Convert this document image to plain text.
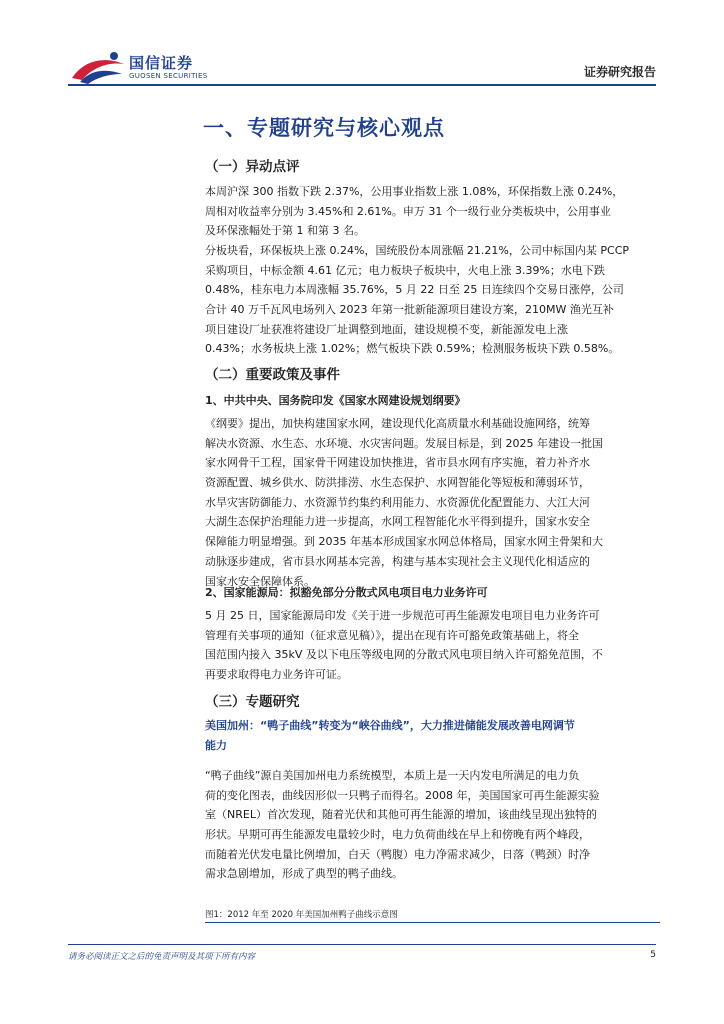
国信证券
GUOSEN SECURITIES	证券研究报告
一、专题研究与核心观点
（一）异动点评
本周沪深 300 指数下跌 2.37%，公用事业指数上涨 1.08%，环保指数上涨 0.24%，
周相对收益率分别为 3.45%和 2.61%。申万 31 个一级行业分类板块中，公用事业
及环保涨幅处于第 1 和第 3 名。
分板块看，环保板块上涨 0.24%，国统股份本周涨幅 21.21%，公司中标国内某 PCCP
采购项目，中标金额 4.61 亿元；电力板块子板块中，火电上涨 3.39%；水电下跌
0.48%，桂东电力本周涨幅 35.76%，5 月 22 日至 25 日连续四个交易日涨停，公司
合计 40 万千瓦风电场列入 2023 年第一批新能源项目建设方案，210MW 渔光互补
项目建设厂址获准将建设厂址调整到地面，建设规模不变，新能源发电上涨
0.43%；水务板块上涨 1.02%；燃气板块下跌 0.59%；检测服务板块下跌 0.58%。
（二）重要政策及事件
1、中共中央、国务院印发《国家水网建设规划纲要》
《纲要》提出，加快构建国家水网，建设现代化高质量水利基础设施网络，统筹
解决水资源、水生态、水环境、水灾害问题。发展目标是，到 2025 年建设一批国
家水网骨干工程，国家骨干网建设加快推进，省市县水网有序实施，着力补齐水
资源配置、城乡供水、防洪排涝、水生态保护、水网智能化等短板和薄弱环节，
水旱灾害防御能力、水资源节约集约利用能力、水资源优化配置能力、大江大河
大湖生态保护治理能力进一步提高，水网工程智能化水平得到提升，国家水安全
保障能力明显增强。到 2035 年基本形成国家水网总体格局，国家水网主骨架和大
动脉逐步建成，省市县水网基本完善，构建与基本实现社会主义现代化相适应的
国家水安全保障体系。
2、国家能源局：拟豁免部分分散式风电项目电力业务许可
5 月 25 日，国家能源局印发《关于进一步规范可再生能源发电项目电力业务许可
管理有关事项的通知（征求意见稿）》，提出在现有许可豁免政策基础上，将全
国范围内接入 35kV 及以下电压等级电网的分散式风电项目纳入许可豁免范围，不
再要求取得电力业务许可证。
（三）专题研究
美国加州：“鸭子曲线”转变为“峡谷曲线”，大力推进储能发展改善电网调节
能力
“鸭子曲线”源自美国加州电力系统模型，本质上是一天内发电所满足的电力负
荷的变化图表，曲线因形似一只鸭子而得名。2008 年，美国国家可再生能源实验
室（NREL）首次发现，随着光伏和其他可再生能源的增加，该曲线呈现出独特的
形状。早期可再生能源发电量较少时，电力负荷曲线在早上和傍晚有两个峰段，
而随着光伏发电量比例增加，白天（鸭腹）电力净需求减少，日落（鸭颈）时净
需求急剧增加，形成了典型的鸭子曲线。
图1：2012 年至 2020 年美国加州鸭子曲线示意图
请务必阅读正文之后的免责声明及其项下所有内容	5
